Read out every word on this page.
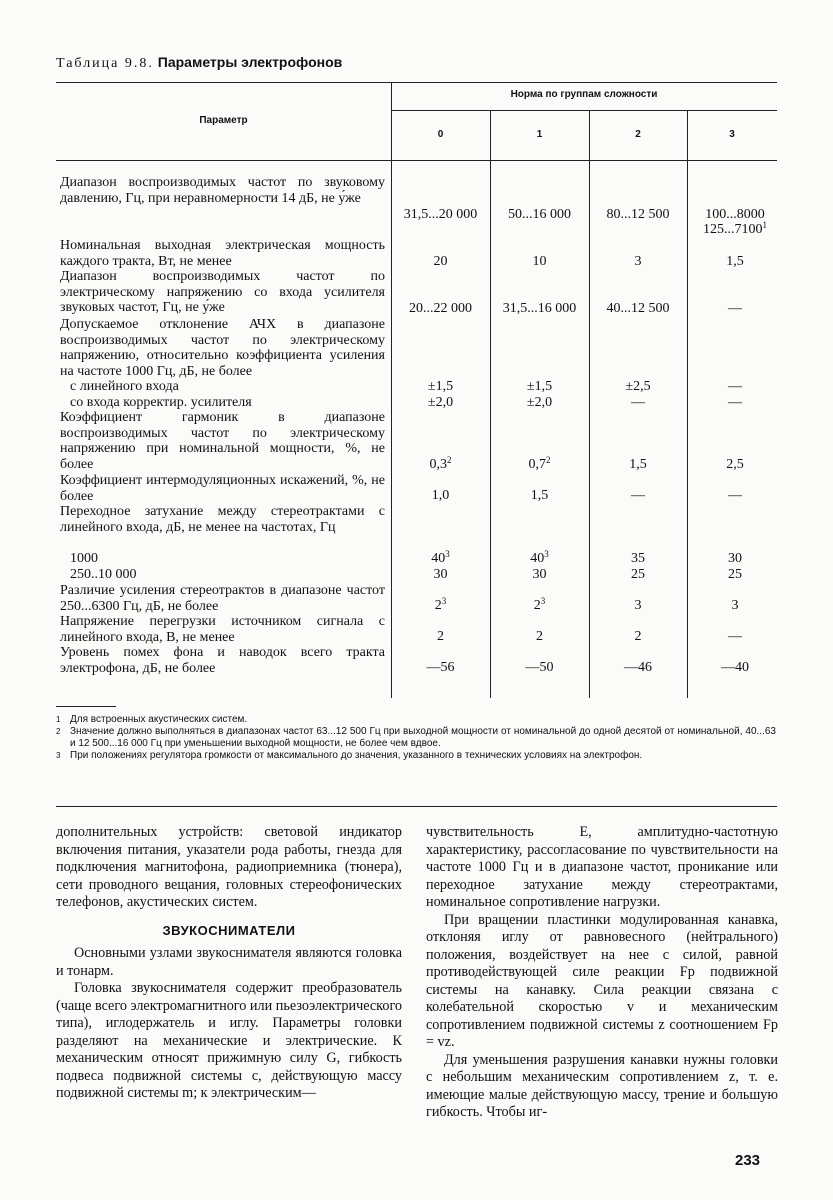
Таблица 9.8. Параметры электрофонов
Параметр
Норма по группам сложности
0	1	2	3
Диапазон воспроизводимых частот по звуковому давлению, Гц, при неравномерности 14 дБ, не у́же
31,5...20 000	50...16 000	80...12 500	100...8000
125...7100$^1$
Номинальная выходная электрическая мощность каждого тракта, Вт, не менее	20	10	3	1,5
Диапазон воспроизводимых частот по электрическому напряжению со входа усилителя звуковых частот, Гц, не у́же	20...22 000	31,5...16 000	40...12 500	—
Допускаемое отклонение АЧХ в диапазоне воспроизводимых частот по электрическому напряжению, относительно коэффициента усиления на частоте 1000 Гц, дБ, не более
с линейного входа	±1,5	±1,5	±2,5	—
со входа корректир. усилителя	±2,0	±2,0	—	—
Коэффициент гармоник в диапазоне воспроизводимых частот по электрическому напряжению при номинальной мощности, %, не более	$0,3^2$	$0,7^2$	1,5	2,5
Коэффициент интермодуляционных искажений, %, не более	1,0	1,5	—	—
Переходное затухание между стереотрактами с линейного входа, дБ, не менее на частотах, Гц
1000	$40^3$	$40^3$	35	30
250..10 000	30	30	25	25
Различие усиления стереотрактов в диапазоне частот 250...6300 Гц, дБ, не более	$2^3$	$2^3$	3	3
Напряжение перегрузки источником сигнала с линейного входа, В, не менее	2	2	2	—
Уровень помех фона и наводок всего тракта электрофона, дБ, не более	—56	—50	—46	—40
1 Для встроенных акустических систем.
2 Значение должно выполняться в диапазонах частот 63...12 500 Гц при выходной мощности от номинальной до одной десятой от номинальной, 40...63 и 12 500...16 000 Гц при уменьшении выходной мощности, не более чем вдвое.
3 При положениях регулятора громкости от максимального до значения, указанного в технических условиях на электрофон.

дополнительных устройств: световой индикатор включения питания, указатели рода работы, гнезда для подключения магнитофона, радиоприемника (тюнера), сети проводного вещания, головных стереофонических телефонов, акустических систем.

ЗВУКОСНИМАТЕЛИ

Основными узлами звукоснимателя являются головка и тонарм.

Головка звукоснимателя содержит преобразователь (чаще всего электромагнитного или пьезоэлектрического типа), иглодержатель и иглу. Параметры головки разделяют на механические и электрические. К механическим относят прижимную силу G, гибкость подвеса подвижной системы c, действующую массу подвижной системы m; к электрическим—

чувствительность E, амплитудно-частотную характеристику, рассогласование по чувствительности на частоте 1000 Гц и в диапазоне частот, проникание или переходное затухание между стереотрактами, номинальное сопротивление нагрузки.

При вращении пластинки модулированная канавка, отклоняя иглу от равновесного (нейтрального) положения, воздействует на нее с силой, равной противодействующей силе реакции Fр подвижной системы на канавку. Сила реакции связана с колебательной скоростью v и механическим сопротивлением подвижной системы z соотношением Fр = vz.

Для уменьшения разрушения канавки нужны головки с небольшим механическим сопротивлением z, т. е. имеющие малые действующую массу, трение и большую гибкость. Чтобы иг-

233
